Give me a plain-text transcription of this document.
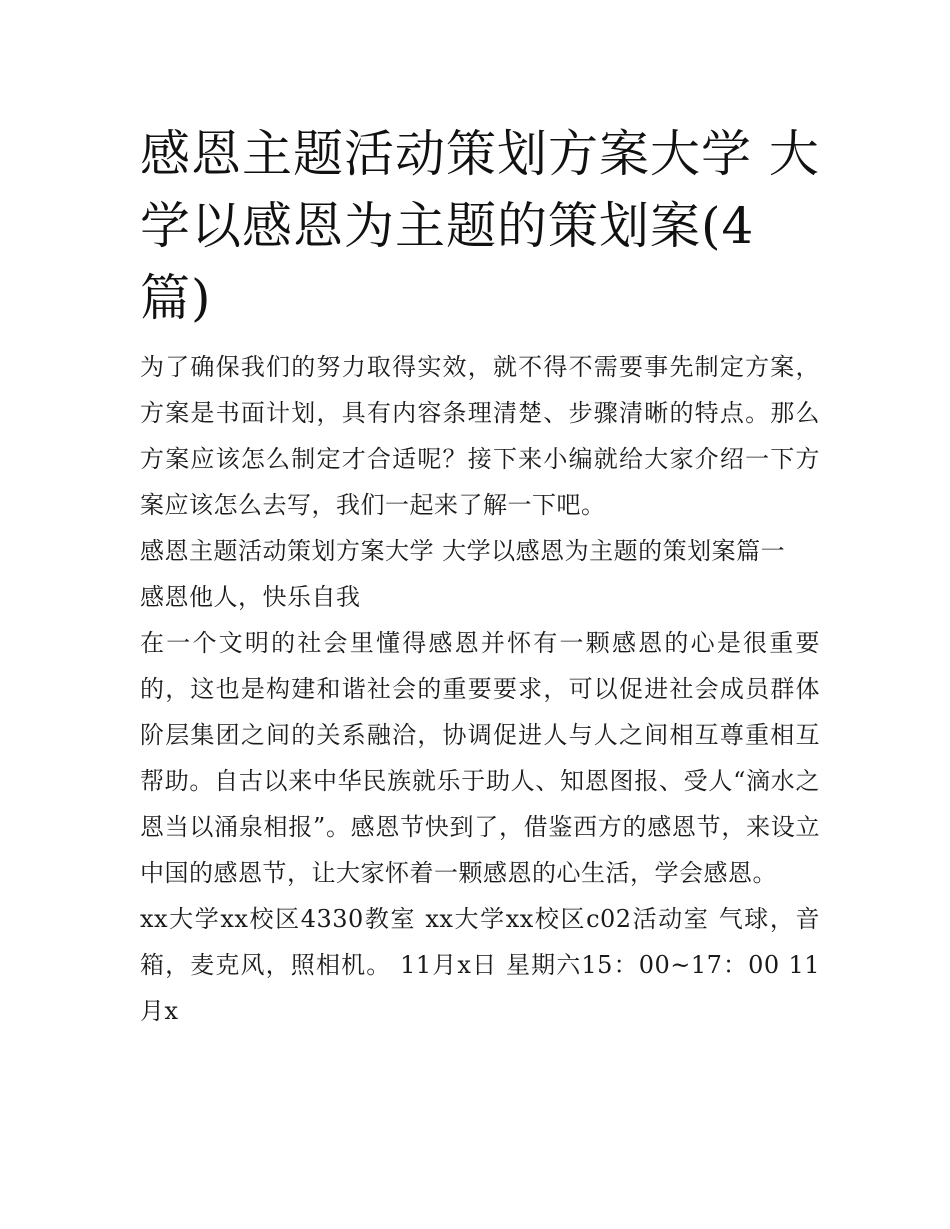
感恩主题活动策划方案大学 大学以感恩为主题的策划案(4篇)

为了确保我们的努力取得实效，就不得不需要事先制定方案，方案是书面计划，具有内容条理清楚、步骤清晰的特点。那么方案应该怎么制定才合适呢？接下来小编就给大家介绍一下方案应该怎么去写，我们一起来了解一下吧。

感恩主题活动策划方案大学 大学以感恩为主题的策划案篇一

感恩他人，快乐自我

在一个文明的社会里懂得感恩并怀有一颗感恩的心是很重要的，这也是构建和谐社会的重要要求，可以促进社会成员群体阶层集团之间的关系融洽，协调促进人与人之间相互尊重相互帮助。自古以来中华民族就乐于助人、知恩图报、受人“滴水之恩当以涌泉相报”。感恩节快到了，借鉴西方的感恩节，来设立中国的感恩节，让大家怀着一颗感恩的心生活，学会感恩。

xx大学xx校区4330教室 xx大学xx校区c02活动室 气球，音箱，麦克风，照相机。 11月x日 星期六15：00~17：00 11月x
